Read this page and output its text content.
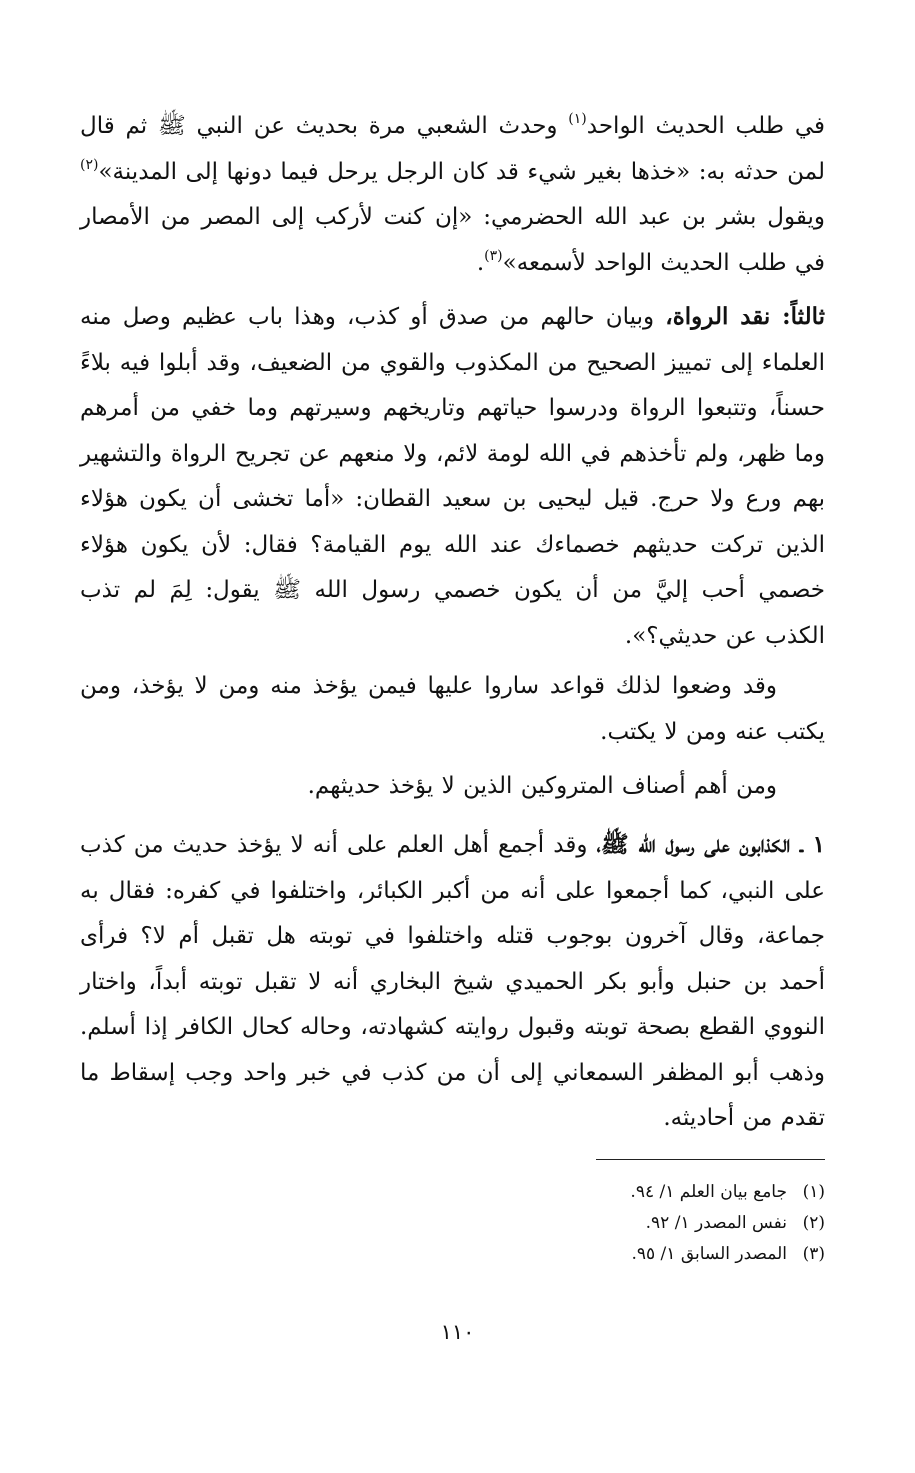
في طلب الحديث الواحد$^{(١)}$ وحدث الشعبي مرة بحديث عن النبي ﷺ ثم قال لمن حدثه به: «خذها بغير شيء قد كان الرجل يرحل فيما دونها إلى المدينة»$^{(٢)}$ ويقول بشر بن عبد الله الحضرمي: «إن كنت لأركب إلى المصر من الأمصار في طلب الحديث الواحد لأسمعه»$^{(٣)}$.

ثالثاً: نقد الرواة، وبيان حالهم من صدق أو كذب، وهذا باب عظيم وصل منه العلماء إلى تمييز الصحيح من المكذوب والقوي من الضعيف، وقد أبلوا فيه بلاءً حسناً، وتتبعوا الرواة ودرسوا حياتهم وتاريخهم وسيرتهم وما خفي من أمرهم وما ظهر، ولم تأخذهم في الله لومة لائم، ولا منعهم عن تجريح الرواة والتشهير بهم ورع ولا حرج. قيل ليحيى بن سعيد القطان: «أما تخشى أن يكون هؤلاء الذين تركت حديثهم خصماءك عند الله يوم القيامة؟ فقال: لأن يكون هؤلاء خصمي أحب إليَّ من أن يكون خصمي رسول الله ﷺ يقول: لِمَ لم تذب الكذب عن حديثي؟».

وقد وضعوا لذلك قواعد ساروا عليها فيمن يؤخذ منه ومن لا يؤخذ، ومن يكتب عنه ومن لا يكتب.

ومن أهم أصناف المتروكين الذين لا يؤخذ حديثهم.

١ ـ الكذابون على رسول الله ﷺ، وقد أجمع أهل العلم على أنه لا يؤخذ حديث من كذب على النبي، كما أجمعوا على أنه من أكبر الكبائر، واختلفوا في كفره: فقال به جماعة، وقال آخرون بوجوب قتله واختلفوا في توبته هل تقبل أم لا؟ فرأى أحمد بن حنبل وأبو بكر الحميدي شيخ البخاري أنه لا تقبل توبته أبداً، واختار النووي القطع بصحة توبته وقبول روايته كشهادته، وحاله كحال الكافر إذا أسلم. وذهب أبو المظفر السمعاني إلى أن من كذب في خبر واحد وجب إسقاط ما تقدم من أحاديثه.

(١)جامع بيان العلم ١/ ٩٤.

(٢)نفس المصدر ١/ ٩٢.

(٣)المصدر السابق ١/ ٩٥.

١١٠
